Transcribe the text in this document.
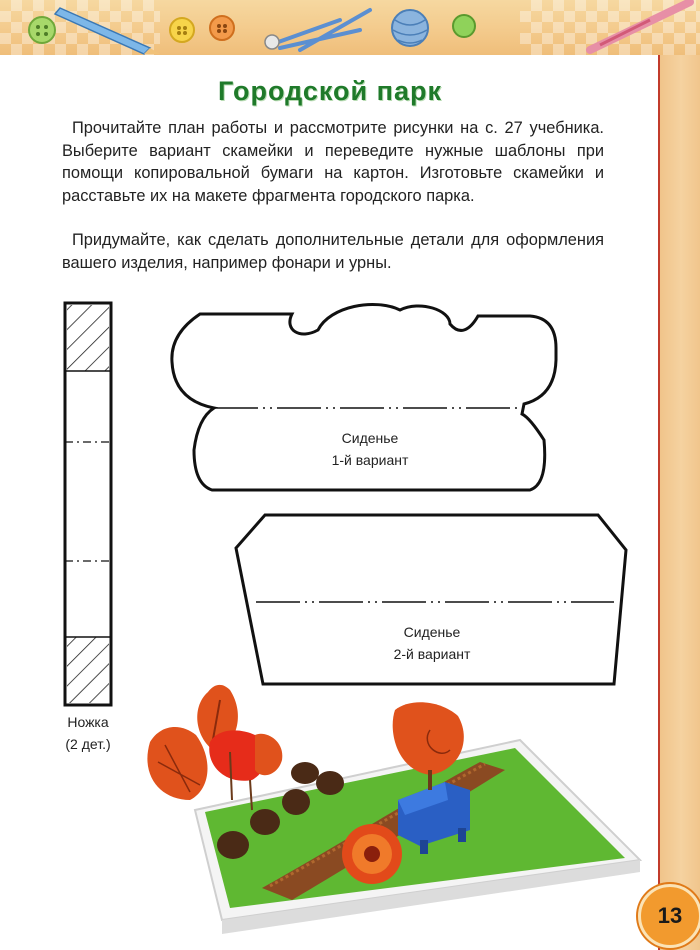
Городской парк

Прочитайте план работы и рассмотрите рисунки на с. 27 учебника. Выберите вариант скамейки и переведите нужные шаблоны при помощи копировальной бумаги на картон. Изготовьте скамейки и расставьте их на макете фрагмента городского парка.

Придумайте, как сделать дополнительные детали для оформления вашего изделия, например фонари и урны.

Сиденье
1-й вариант
Сиденье
2-й вариант
Ножка
(2 дет.)
13
